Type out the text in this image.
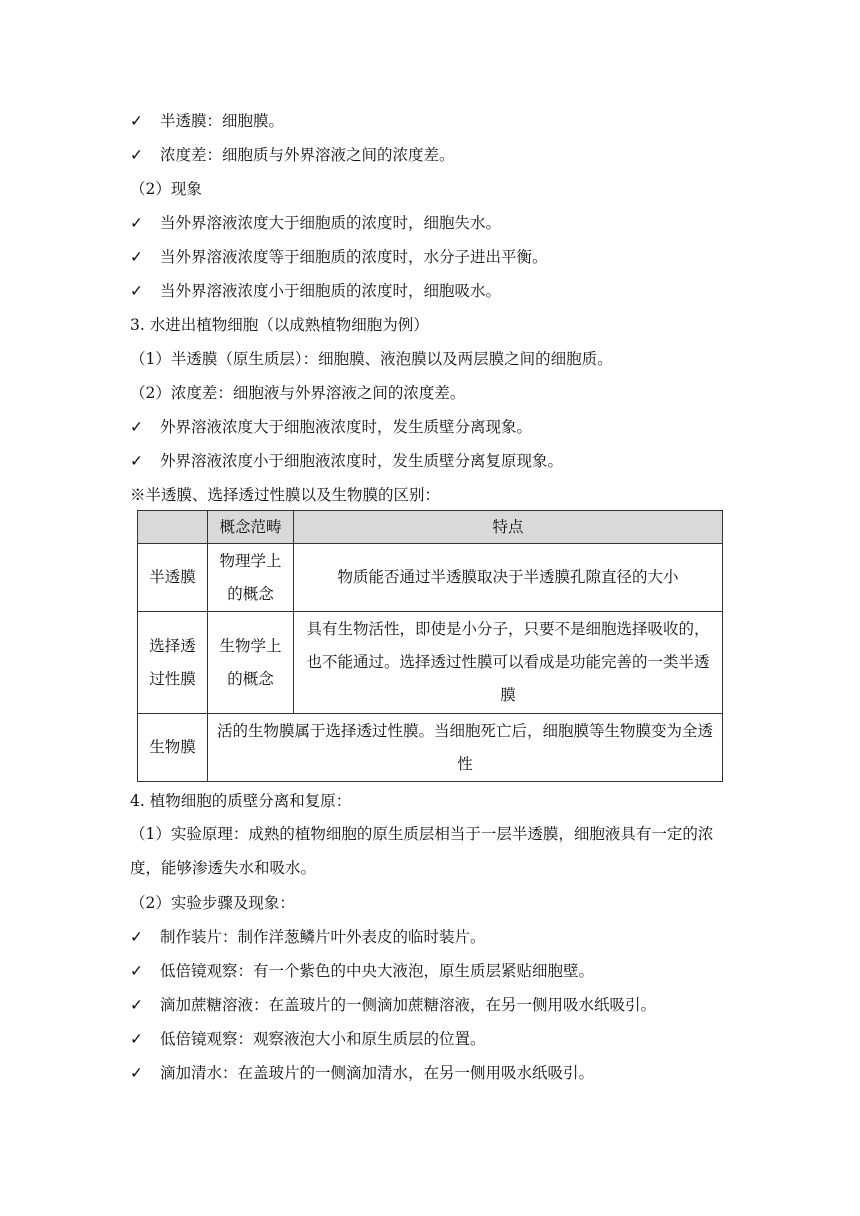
✓	半透膜：细胞膜。
✓	浓度差：细胞质与外界溶液之间的浓度差。
（2）现象
✓	当外界溶液浓度大于细胞质的浓度时，细胞失水。
✓	当外界溶液浓度等于细胞质的浓度时，水分子进出平衡。
✓	当外界溶液浓度小于细胞质的浓度时，细胞吸水。
3. 水进出植物细胞（以成熟植物细胞为例）
（1）半透膜（原生质层）：细胞膜、液泡膜以及两层膜之间的细胞质。
（2）浓度差：细胞液与外界溶液之间的浓度差。
✓	外界溶液浓度大于细胞液浓度时，发生质壁分离现象。
✓	外界溶液浓度小于细胞液浓度时，发生质壁分离复原现象。
※半透膜、选择透过性膜以及生物膜的区别：
	概念范畴	特点
半透膜	物理学上的概念	物质能否通过半透膜取决于半透膜孔隙直径的大小
选择透过性膜	生物学上的概念	具有生物活性，即使是小分子，只要不是细胞选择吸收的，也不能通过。选择透过性膜可以看成是功能完善的一类半透膜
生物膜	活的生物膜属于选择透过性膜。当细胞死亡后，细胞膜等生物膜变为全透性	
4. 植物细胞的质壁分离和复原：
（1）实验原理：成熟的植物细胞的原生质层相当于一层半透膜，细胞液具有一定的浓度，能够渗透失水和吸水。
（2）实验步骤及现象：
✓	制作装片：制作洋葱鳞片叶外表皮的临时装片。
✓	低倍镜观察：有一个紫色的中央大液泡，原生质层紧贴细胞壁。
✓	滴加蔗糖溶液：在盖玻片的一侧滴加蔗糖溶液，在另一侧用吸水纸吸引。
✓	低倍镜观察：观察液泡大小和原生质层的位置。
✓	滴加清水：在盖玻片的一侧滴加清水，在另一侧用吸水纸吸引。
